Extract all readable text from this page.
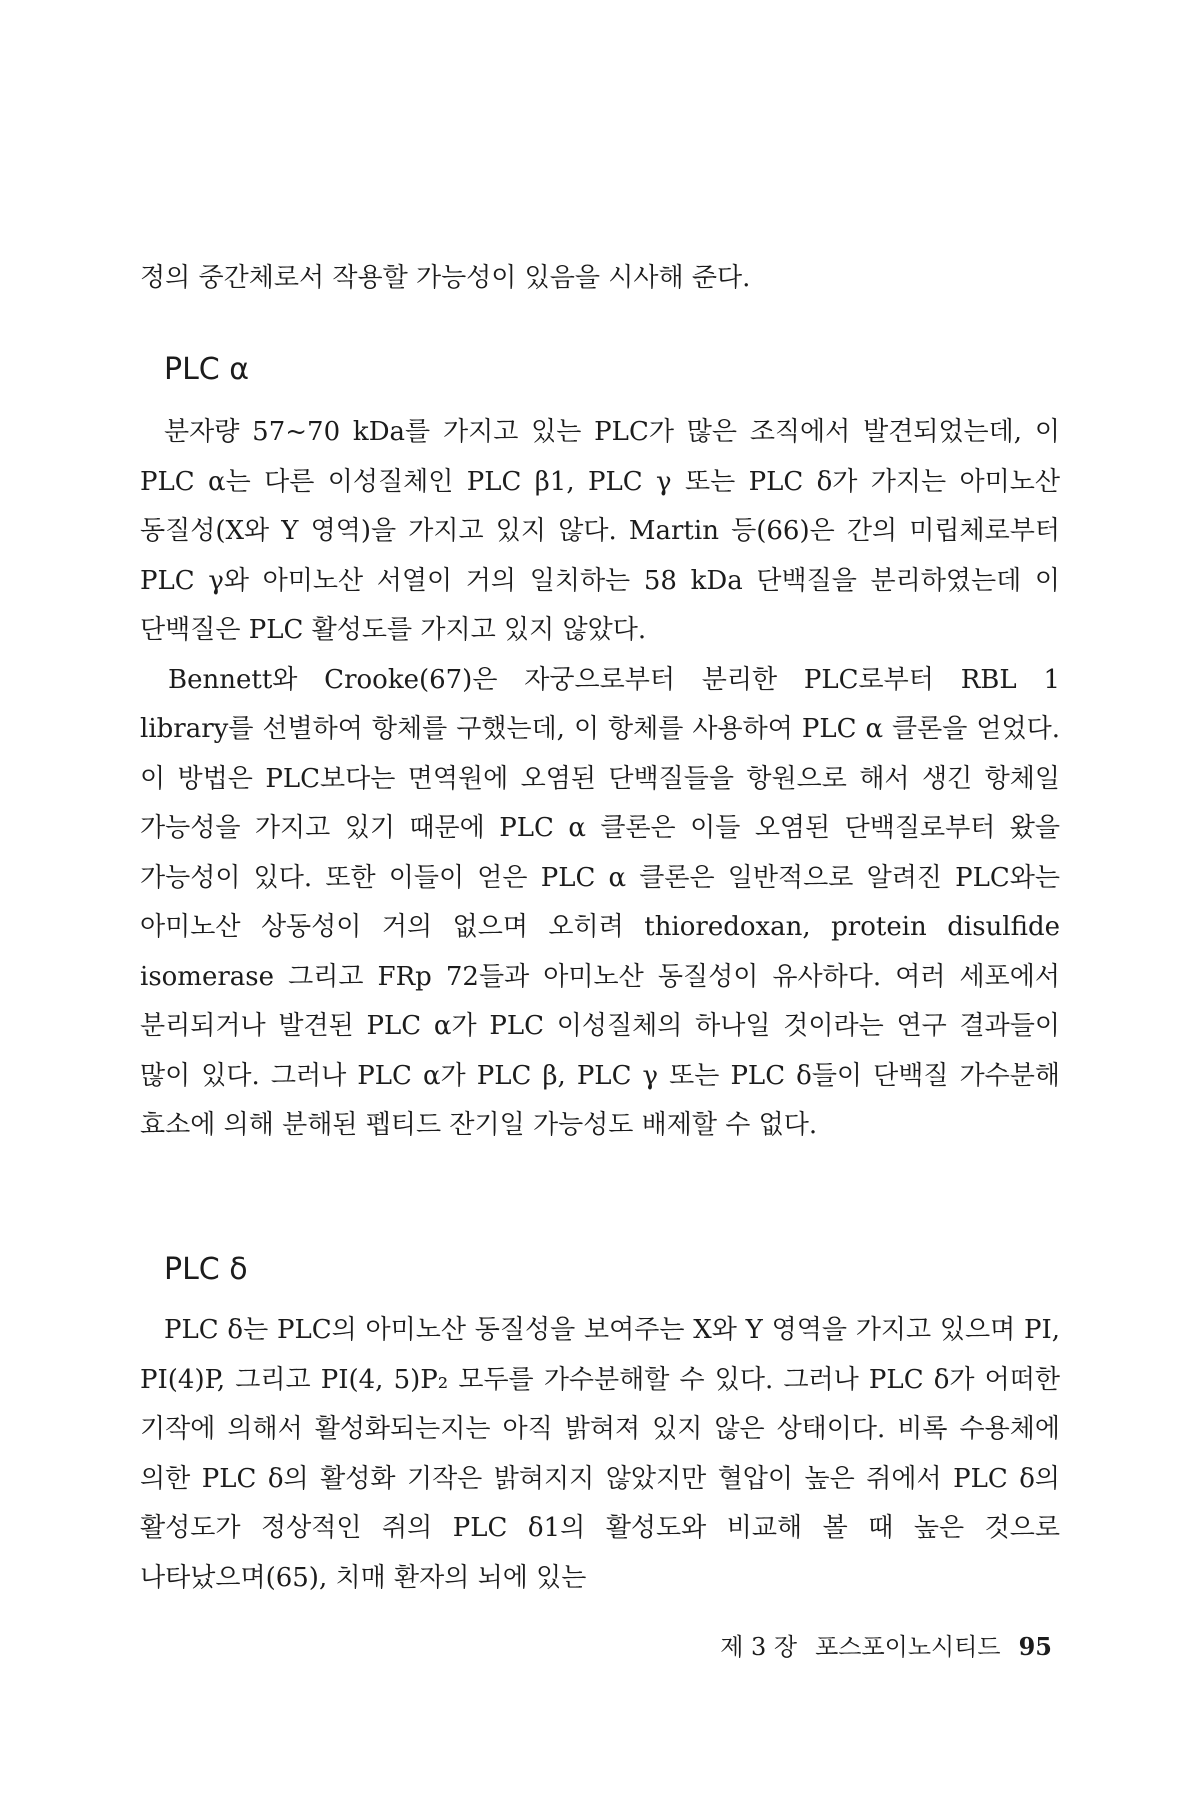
정의 중간체로서 작용할 가능성이 있음을 시사해 준다.
PLC α

분자량 57~70 kDa를 가지고 있는 PLC가 많은 조직에서 발견되었는데, 이 PLC α는 다른 이성질체인 PLC β1, PLC γ 또는 PLC δ가 가지는 아미노산 동질성(X와 Y 영역)을 가지고 있지 않다. Martin 등(66)은 간의 미립체로부터 PLC γ와 아미노산 서열이 거의 일치하는 58 kDa 단백질을 분리하였는데 이 단백질은 PLC 활성도를 가지고 있지 않았다.

Bennett와 Crooke(67)은 자궁으로부터 분리한 PLC로부터 RBL 1 library를 선별하여 항체를 구했는데, 이 항체를 사용하여 PLC α 클론을 얻었다. 이 방법은 PLC보다는 면역원에 오염된 단백질들을 항원으로 해서 생긴 항체일 가능성을 가지고 있기 때문에 PLC α 클론은 이들 오염된 단백질로부터 왔을 가능성이 있다. 또한 이들이 얻은 PLC α 클론은 일반적으로 알려진 PLC와는 아미노산 상동성이 거의 없으며 오히려 thioredoxan, protein disulfide isomerase 그리고 FRp 72들과 아미노산 동질성이 유사하다. 여러 세포에서 분리되거나 발견된 PLC α가 PLC 이성질체의 하나일 것이라는 연구 결과들이 많이 있다. 그러나 PLC α가 PLC β, PLC γ 또는 PLC δ들이 단백질 가수분해 효소에 의해 분해된 펩티드 잔기일 가능성도 배제할 수 없다.

PLC δ

PLC δ는 PLC의 아미노산 동질성을 보여주는 X와 Y 영역을 가지고 있으며 PI, PI(4)P, 그리고 PI(4, 5)P₂ 모두를 가수분해할 수 있다. 그러나 PLC δ가 어떠한 기작에 의해서 활성화되는지는 아직 밝혀져 있지 않은 상태이다. 비록 수용체에 의한 PLC δ의 활성화 기작은 밝혀지지 않았지만 혈압이 높은 쥐에서 PLC δ의 활성도가 정상적인 쥐의 PLC δ1의 활성도와 비교해 볼 때 높은 것으로 나타났으며(65), 치매 환자의 뇌에 있는

제 3 장 포스포이노시티드 95
